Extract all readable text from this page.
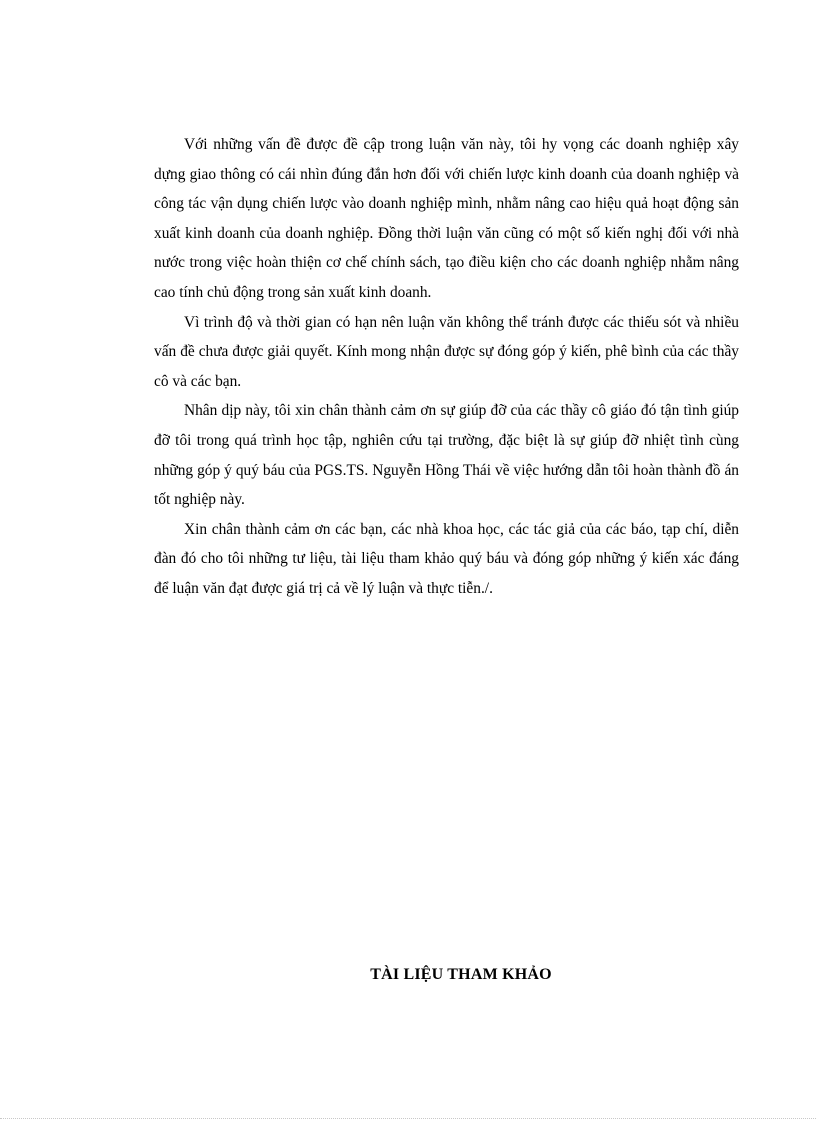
Với những vấn đề được đề cập trong luận văn này, tôi hy vọng các doanh nghiệp xây dựng giao thông có cái nhìn đúng đắn hơn đối với chiến lược kinh doanh của doanh nghiệp và công tác vận dụng chiến lược vào doanh nghiệp mình, nhằm nâng cao hiệu quả hoạt động sản xuất kinh doanh của doanh nghiệp. Đồng thời luận văn cũng có một số kiến nghị đối với nhà nước trong việc hoàn thiện cơ chế chính sách, tạo điều kiện cho các doanh nghiệp nhằm nâng cao tính chủ động trong sản xuất kinh doanh.

Vì trình độ và thời gian có hạn nên luận văn không thể tránh được các thiếu sót và nhiều vấn đề chưa được giải quyết. Kính mong nhận được sự đóng góp ý kiến, phê bình của các thầy cô và các bạn.

Nhân dịp này, tôi xin chân thành cảm ơn sự giúp đỡ của các thầy cô giáo đó tận tình giúp đỡ tôi trong quá trình học tập, nghiên cứu tại trường, đặc biệt là sự giúp đỡ nhiệt tình cùng những góp ý quý báu của PGS.TS. Nguyễn Hồng Thái về việc hướng dẫn tôi hoàn thành đồ án tốt nghiệp này.

Xin chân thành cảm ơn các bạn, các nhà khoa học, các tác giả của các báo, tạp chí, diễn đàn đó cho tôi những tư liệu, tài liệu tham khảo quý báu và đóng góp những ý kiến xác đáng để luận văn đạt được giá trị cả về lý luận và thực tiễn./.

TÀI LIỆU THAM KHẢO
